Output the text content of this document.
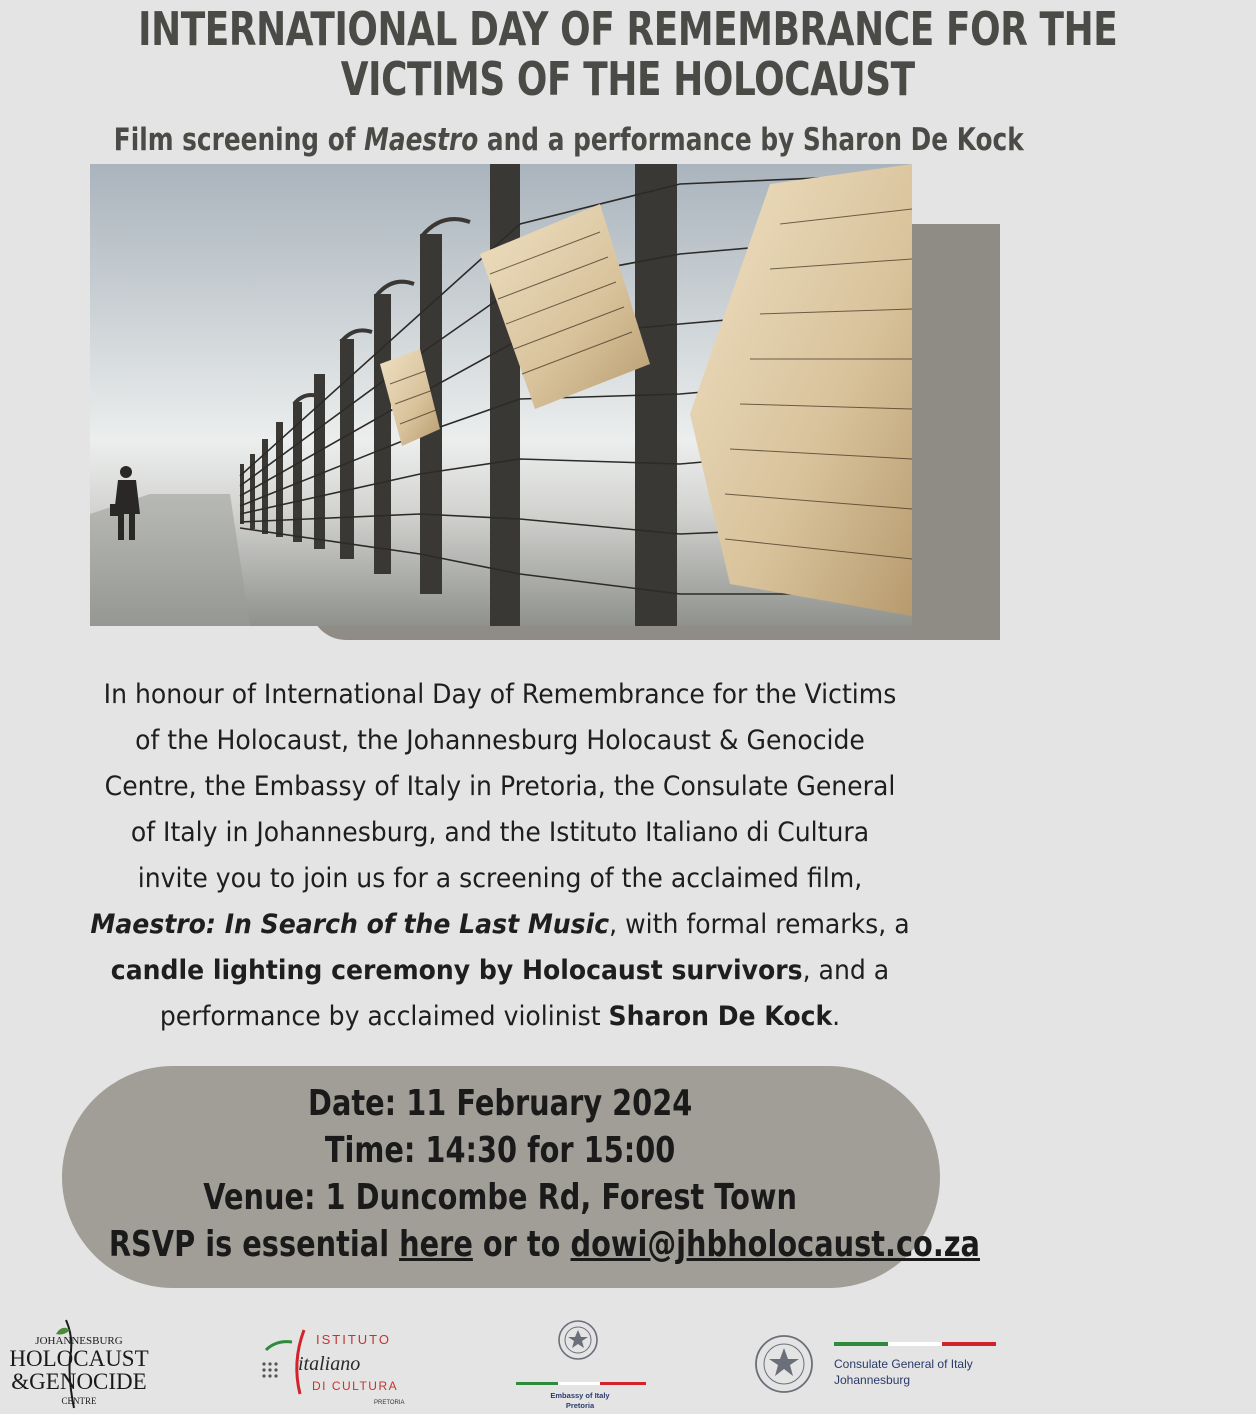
INTERNATIONAL DAY OF REMEMBRANCE FOR THE
VICTIMS OF THE HOLOCAUST
Film screening of Maestro and a performance by Sharon De Kock
In honour of International Day of Remembrance for the Victims
of the Holocaust, the Johannesburg Holocaust & Genocide
Centre, the Embassy of Italy in Pretoria, the Consulate General
of Italy in Johannesburg, and the Istituto Italiano di Cultura
invite you to join us for a screening of the acclaimed film,
Maestro: In Search of the Last Music, with formal remarks, a
candle lighting ceremony by Holocaust survivors, and a
performance by acclaimed violinist Sharon De Kock.
Date: 11 February 2024
Time: 14:30 for 15:00
Venue: 1 Duncombe Rd, Forest Town
RSVP is essential here or to dowi@jhbholocaust.co.za
JOHANNESBURG
HOLOCAUST
&GENOCIDE
CENTRE
ISTITUTO
italiano
DI CULTURA
PRETORIA
Embassy of Italy
Pretoria
Consulate General of Italy
Johannesburg
